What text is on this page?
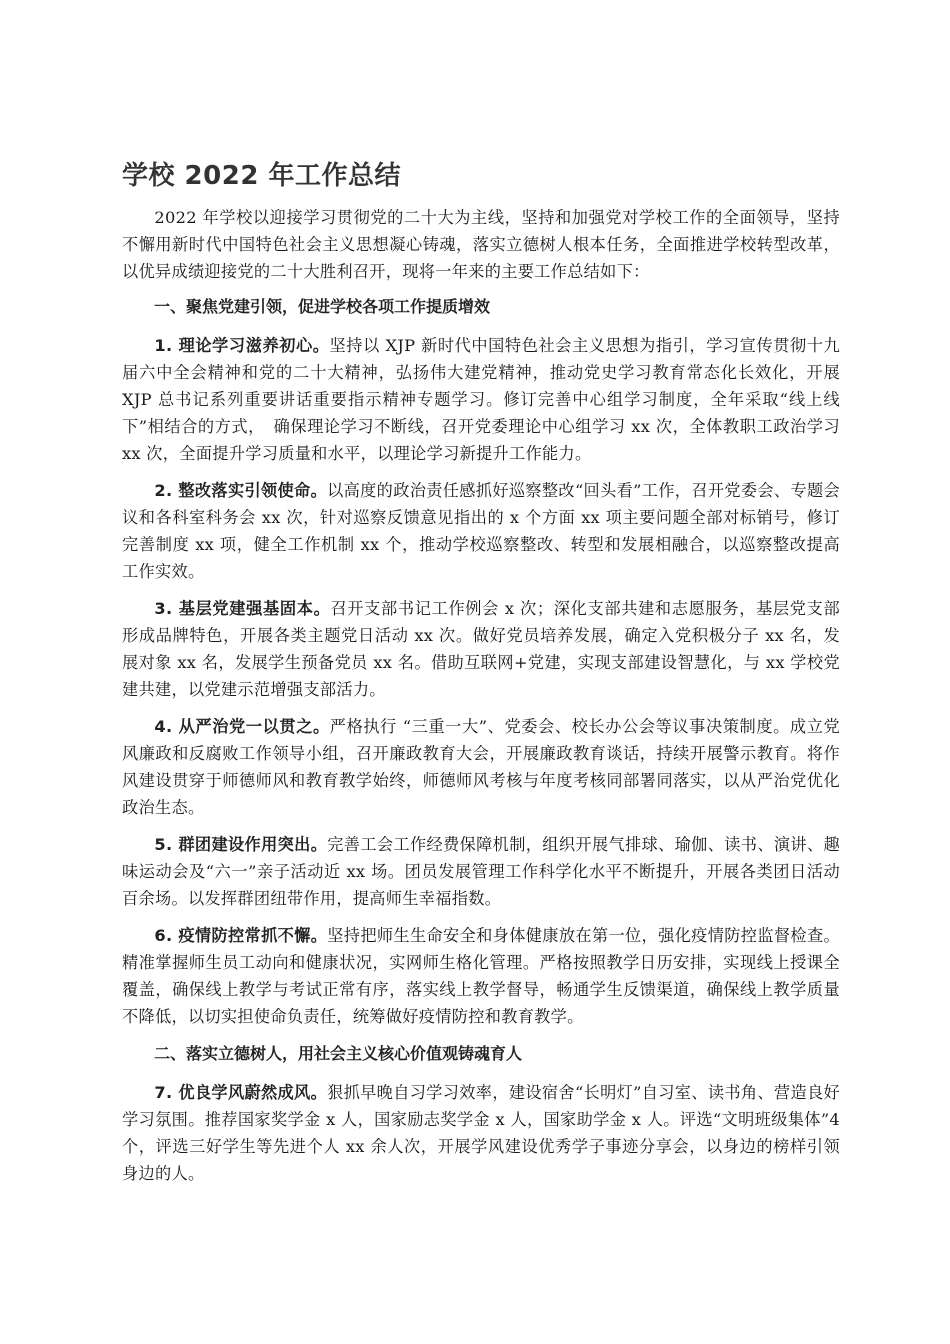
学校 2022 年工作总结

2022 年学校以迎接学习贯彻党的二十大为主线，坚持和加强党对学校工作的全面领导，坚持不懈用新时代中国特色社会主义思想凝心铸魂，落实立德树人根本任务，全面推进学校转型改革，以优异成绩迎接党的二十大胜利召开，现将一年来的主要工作总结如下：

一、聚焦党建引领，促进学校各项工作提质增效

1. 理论学习滋养初心。坚持以 XJP 新时代中国特色社会主义思想为指引，学习宣传贯彻十九届六中全会精神和党的二十大精神，弘扬伟大建党精神，推动党史学习教育常态化长效化，开展 XJP 总书记系列重要讲话重要指示精神专题学习。修订完善中心组学习制度，全年采取“线上线下”相结合的方式，　确保理论学习不断线，召开党委理论中心组学习 xx 次，全体教职工政治学习 xx 次，全面提升学习质量和水平，以理论学习新提升工作能力。

2. 整改落实引领使命。以高度的政治责任感抓好巡察整改“回头看”工作，召开党委会、专题会议和各科室科务会 xx 次，针对巡察反馈意见指出的 x 个方面 xx 项主要问题全部对标销号，修订完善制度 xx 项，健全工作机制 xx 个，推动学校巡察整改、转型和发展相融合，以巡察整改提高工作实效。

3. 基层党建强基固本。召开支部书记工作例会 x 次；深化支部共建和志愿服务，基层党支部形成品牌特色，开展各类主题党日活动 xx 次。做好党员培养发展，确定入党积极分子 xx 名，发展对象 xx 名，发展学生预备党员 xx 名。借助互联网+党建，实现支部建设智慧化，与 xx 学校党建共建，以党建示范增强支部活力。

4. 从严治党一以贯之。严格执行 “三重一大”、党委会、校长办公会等议事决策制度。成立党风廉政和反腐败工作领导小组，召开廉政教育大会，开展廉政教育谈话，持续开展警示教育。将作风建设贯穿于师德师风和教育教学始终，师德师风考核与年度考核同部署同落实，以从严治党优化政治生态。

5. 群团建设作用突出。完善工会工作经费保障机制，组织开展气排球、瑜伽、读书、演讲、趣味运动会及“六一”亲子活动近 xx 场。团员发展管理工作科学化水平不断提升，开展各类团日活动百余场。以发挥群团纽带作用，提高师生幸福指数。

6. 疫情防控常抓不懈。坚持把师生生命安全和身体健康放在第一位，强化疫情防控监督检查。精准掌握师生员工动向和健康状况，实网师生格化管理。严格按照教学日历安排，实现线上授课全覆盖，确保线上教学与考试正常有序，落实线上教学督导，畅通学生反馈渠道，确保线上教学质量不降低，以切实担使命负责任，统筹做好疫情防控和教育教学。

二、落实立德树人，用社会主义核心价值观铸魂育人

7. 优良学风蔚然成风。狠抓早晚自习学习效率，建设宿舍“长明灯”自习室、读书角、营造良好学习氛围。推荐国家奖学金 x 人，国家励志奖学金 x 人，国家助学金 x 人。评选“文明班级集体”4 个，评选三好学生等先进个人 xx 余人次，开展学风建设优秀学子事迹分享会，以身边的榜样引领身边的人。
